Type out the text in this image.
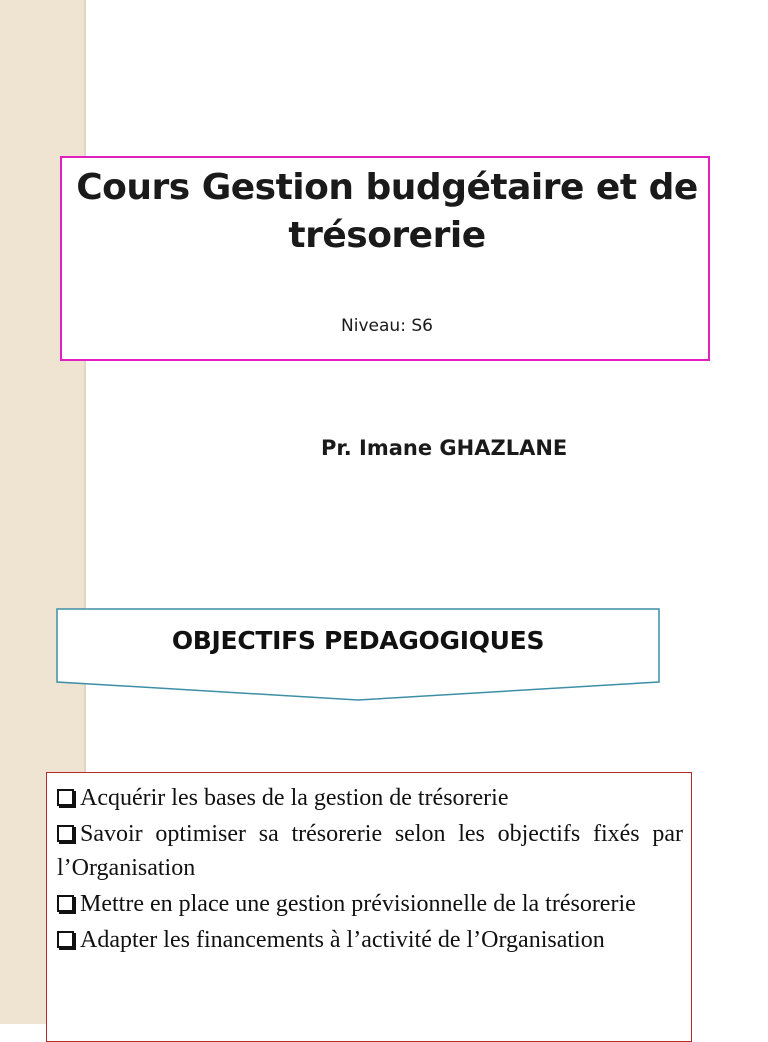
Cours Gestion budgétaire et de trésorerie
Niveau: S6
Pr. Imane GHAZLANE
OBJECTIFS PEDAGOGIQUES
Acquérir les bases de la gestion de trésorerie
Savoir optimiser sa trésorerie selon les objectifs fixés par l’Organisation
Mettre en place une gestion prévisionnelle de la trésorerie
Adapter les financements à l’activité de l’Organisation
